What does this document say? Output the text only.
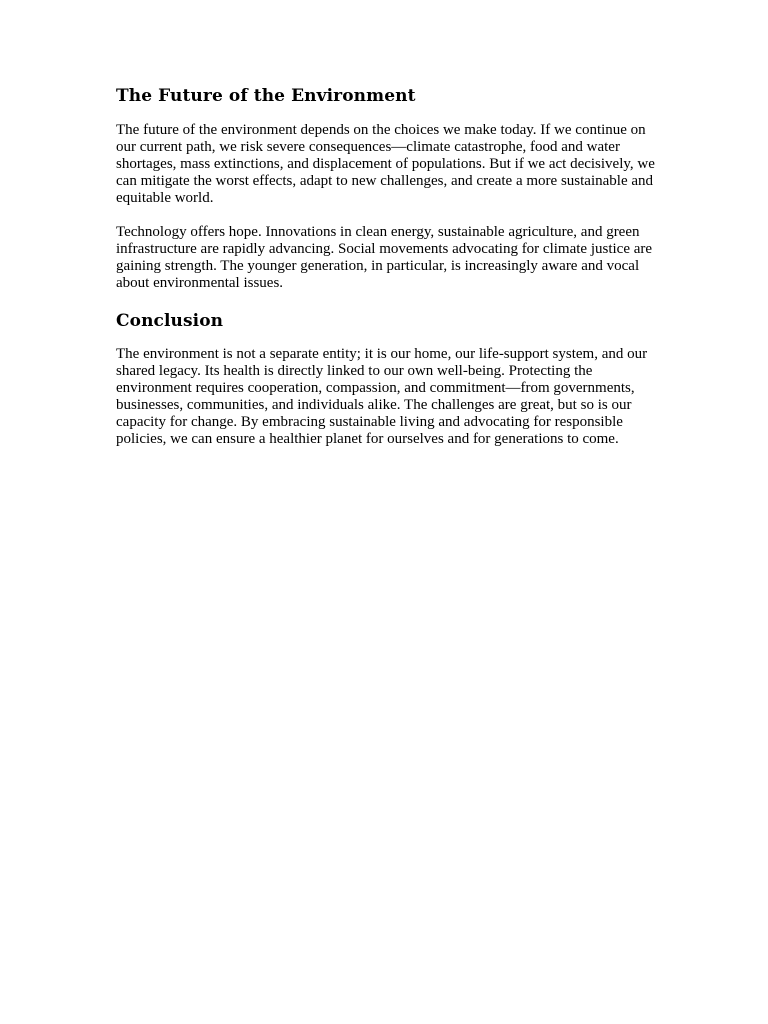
The Future of the Environment

The future of the environment depends on the choices we make today. If we continue on our current path, we risk severe consequences—climate catastrophe, food and water shortages, mass extinctions, and displacement of populations. But if we act decisively, we can mitigate the worst effects, adapt to new challenges, and create a more sustainable and equitable world.

Technology offers hope. Innovations in clean energy, sustainable agriculture, and green infrastructure are rapidly advancing. Social movements advocating for climate justice are gaining strength. The younger generation, in particular, is increasingly aware and vocal about environmental issues.

Conclusion

The environment is not a separate entity; it is our home, our life-support system, and our shared legacy. Its health is directly linked to our own well-being. Protecting the environment requires cooperation, compassion, and commitment—from governments, businesses, communities, and individuals alike. The challenges are great, but so is our capacity for change. By embracing sustainable living and advocating for responsible policies, we can ensure a healthier planet for ourselves and for generations to come.
